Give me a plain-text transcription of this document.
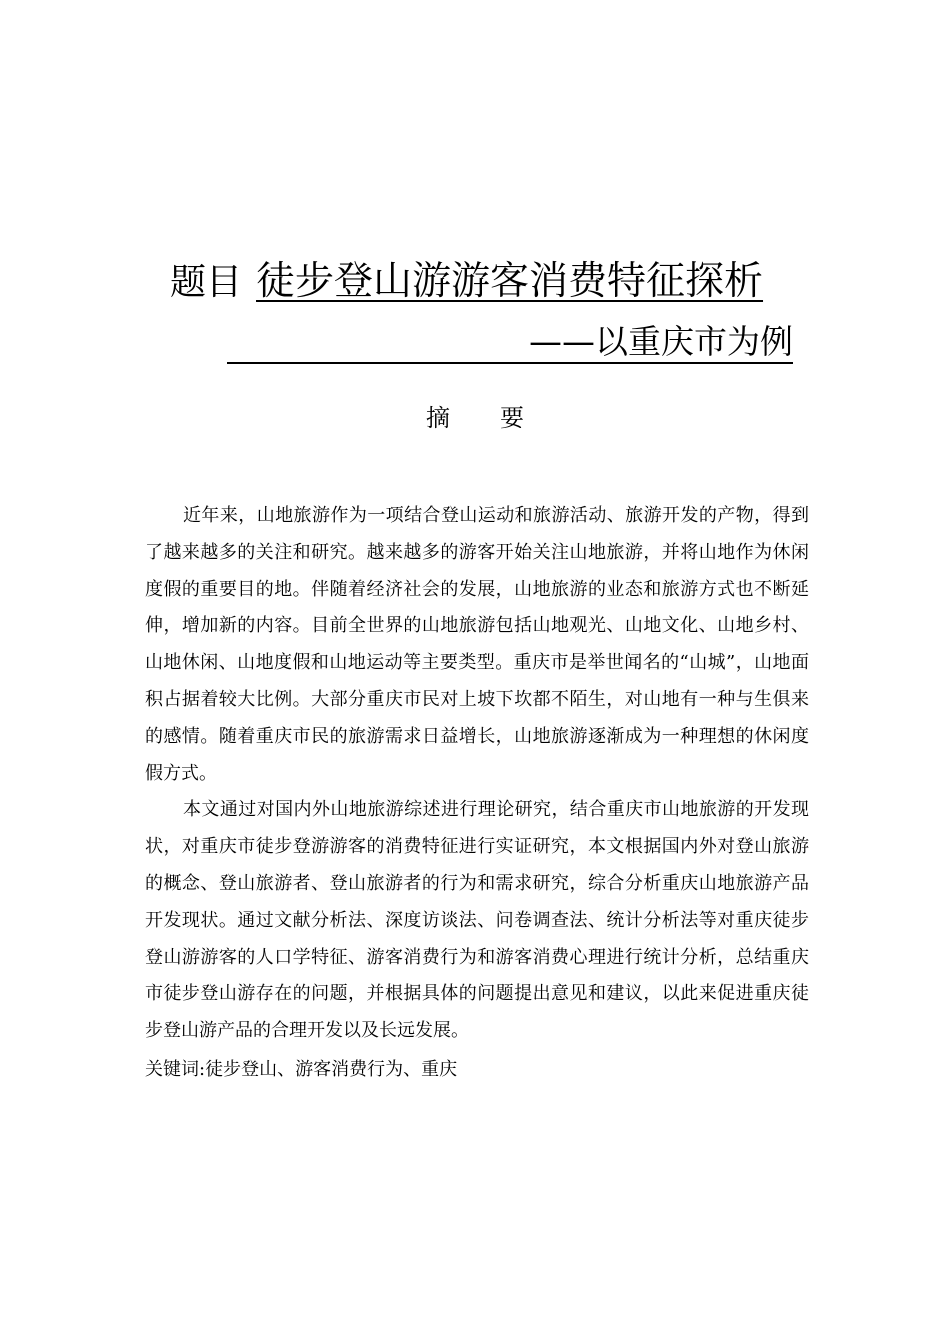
题目 徒步登山游游客消费特征探析
——以重庆市为例
摘要

近年来，山地旅游作为一项结合登山运动和旅游活动、旅游开发的产物，得到了越来越多的关注和研究。越来越多的游客开始关注山地旅游，并将山地作为休闲度假的重要目的地。伴随着经济社会的发展，山地旅游的业态和旅游方式也不断延伸，增加新的内容。目前全世界的山地旅游包括山地观光、山地文化、山地乡村、山地休闲、山地度假和山地运动等主要类型。重庆市是举世闻名的“山城”，山地面积占据着较大比例。大部分重庆市民对上坡下坎都不陌生，对山地有一种与生俱来的感情。随着重庆市民的旅游需求日益增长，山地旅游逐渐成为一种理想的休闲度假方式。

本文通过对国内外山地旅游综述进行理论研究，结合重庆市山地旅游的开发现状，对重庆市徒步登游游客的消费特征进行实证研究，本文根据国内外对登山旅游的概念、登山旅游者、登山旅游者的行为和需求研究，综合分析重庆山地旅游产品开发现状。通过文献分析法、深度访谈法、问卷调查法、统计分析法等对重庆徒步登山游游客的人口学特征、游客消费行为和游客消费心理进行统计分析，总结重庆市徒步登山游存在的问题，并根据具体的问题提出意见和建议，以此来促进重庆徒步登山游产品的合理开发以及长远发展。

关键词:徒步登山、游客消费行为、重庆
